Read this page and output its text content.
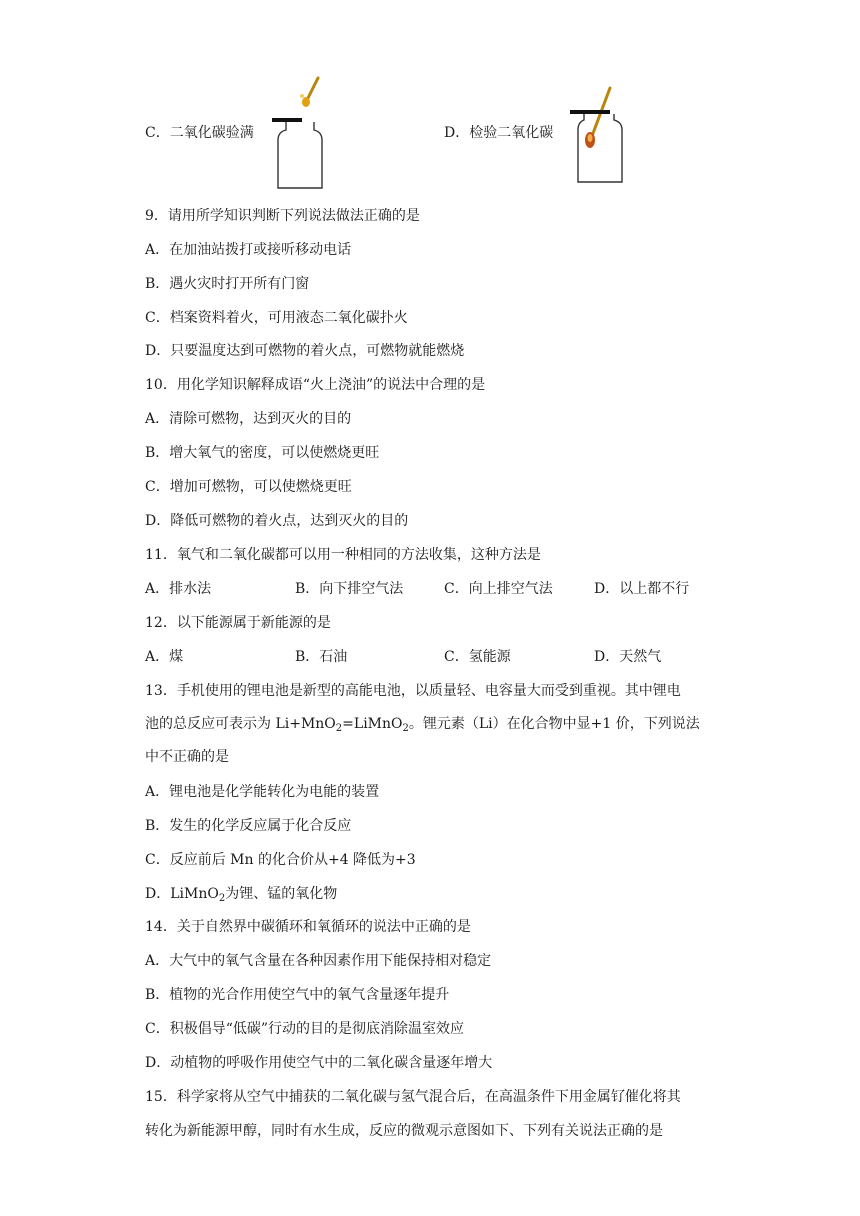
C．二氧化碳验满	D．检验二氧化碳
9．请用所学知识判断下列说法做法正确的是
A．在加油站拨打或接听移动电话
B．遇火灾时打开所有门窗
C．档案资料着火，可用液态二氧化碳扑火
D．只要温度达到可燃物的着火点，可燃物就能燃烧
10．用化学知识解释成语“火上浇油”的说法中合理的是
A．清除可燃物，达到灭火的目的
B．增大氧气的密度，可以使燃烧更旺
C．增加可燃物，可以使燃烧更旺
D．降低可燃物的着火点，达到灭火的目的
11．氧气和二氧化碳都可以用一种相同的方法收集，这种方法是
A．排水法	B．向下排空气法	C．向上排空气法	D．以上都不行
12．以下能源属于新能源的是
A．煤	B．石油	C．氢能源	D．天然气
13．手机使用的锂电池是新型的高能电池，以质量轻、电容量大而受到重视。其中锂电
池的总反应可表示为 Li+MnO$_2$=LiMnO$_2$。锂元素（Li）在化合物中显+1 价，下列说法
中不正确的是
A．锂电池是化学能转化为电能的装置
B．发生的化学反应属于化合反应
C．反应前后 Mn 的化合价从+4 降低为+3
D．LiMnO$_2$为锂、锰的氧化物
14．关于自然界中碳循环和氧循环的说法中正确的是
A．大气中的氧气含量在各种因素作用下能保持相对稳定
B．植物的光合作用使空气中的氧气含量逐年提升
C．积极倡导“低碳”行动的目的是彻底消除温室效应
D．动植物的呼吸作用使空气中的二氧化碳含量逐年增大
15．科学家将从空气中捕获的二氧化碳与氢气混合后，在高温条件下用金属钌催化将其
转化为新能源甲醇，同时有水生成，反应的微观示意图如下、下列有关说法正确的是
